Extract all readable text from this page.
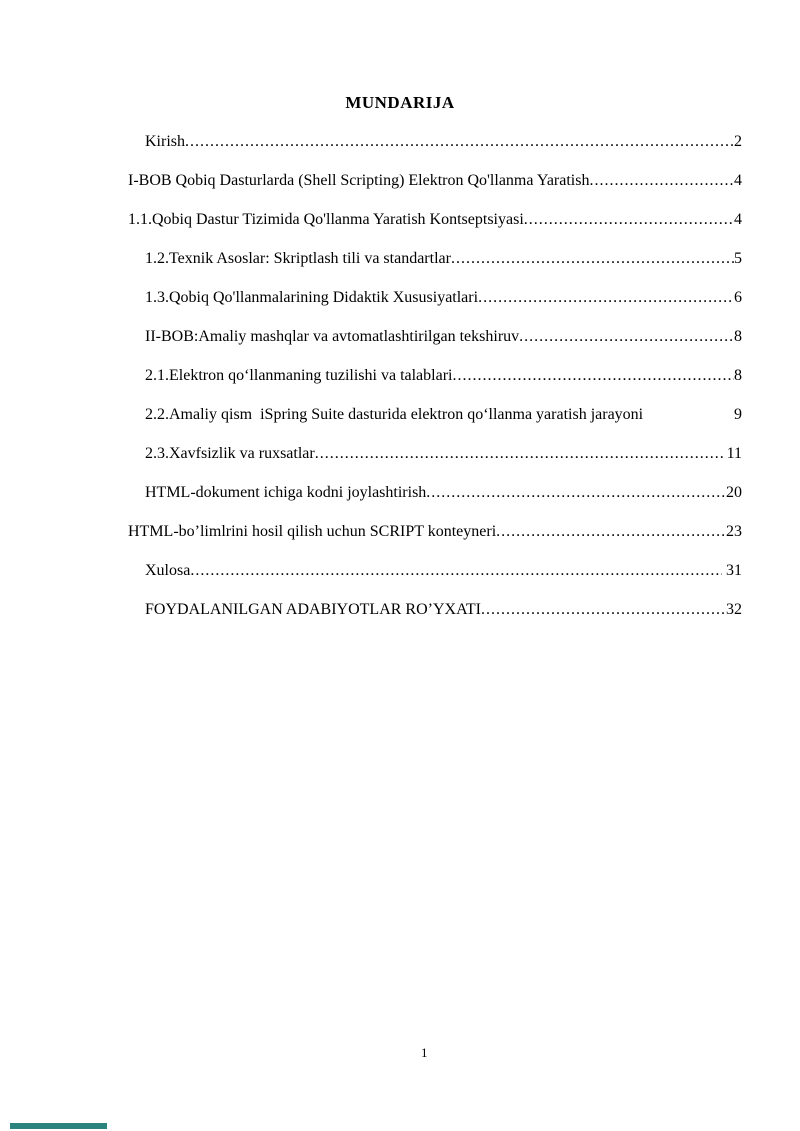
MUNDARIJA
Kirish .....	2
I-BOB Qobiq Dasturlarda (Shell Scripting) Elektron Qo'llanma Yaratish .....	4
1.1.Qobiq Dastur Tizimida Qo'llanma Yaratish Kontseptsiyasi .....	4
1.2.Texnik Asoslar: Skriptlash tili va standartlar .....	5
1.3.Qobiq Qo'llanmalarining Didaktik Xususiyatlari .....	6
II-BOB:Amaliy mashqlar va avtomatlashtirilgan tekshiruv .....	8
2.1.Elektron qoʻllanmaning tuzilishi va talablari .....	8
2.2.Amaliy qism  iSpring Suite dasturida elektron qoʻllanma yaratish jarayoni	9
2.3.Xavfsizlik va ruxsatlar .....	11
HTML-dokument ichiga kodni joylashtirish .....	20
HTML-bo’limlrini hosil qilish uchun SCRIPT konteyneri .....	23
Xulosa .....	31
FOYDALANILGAN ADABIYOTLAR RO’YXATI .....	32
1
